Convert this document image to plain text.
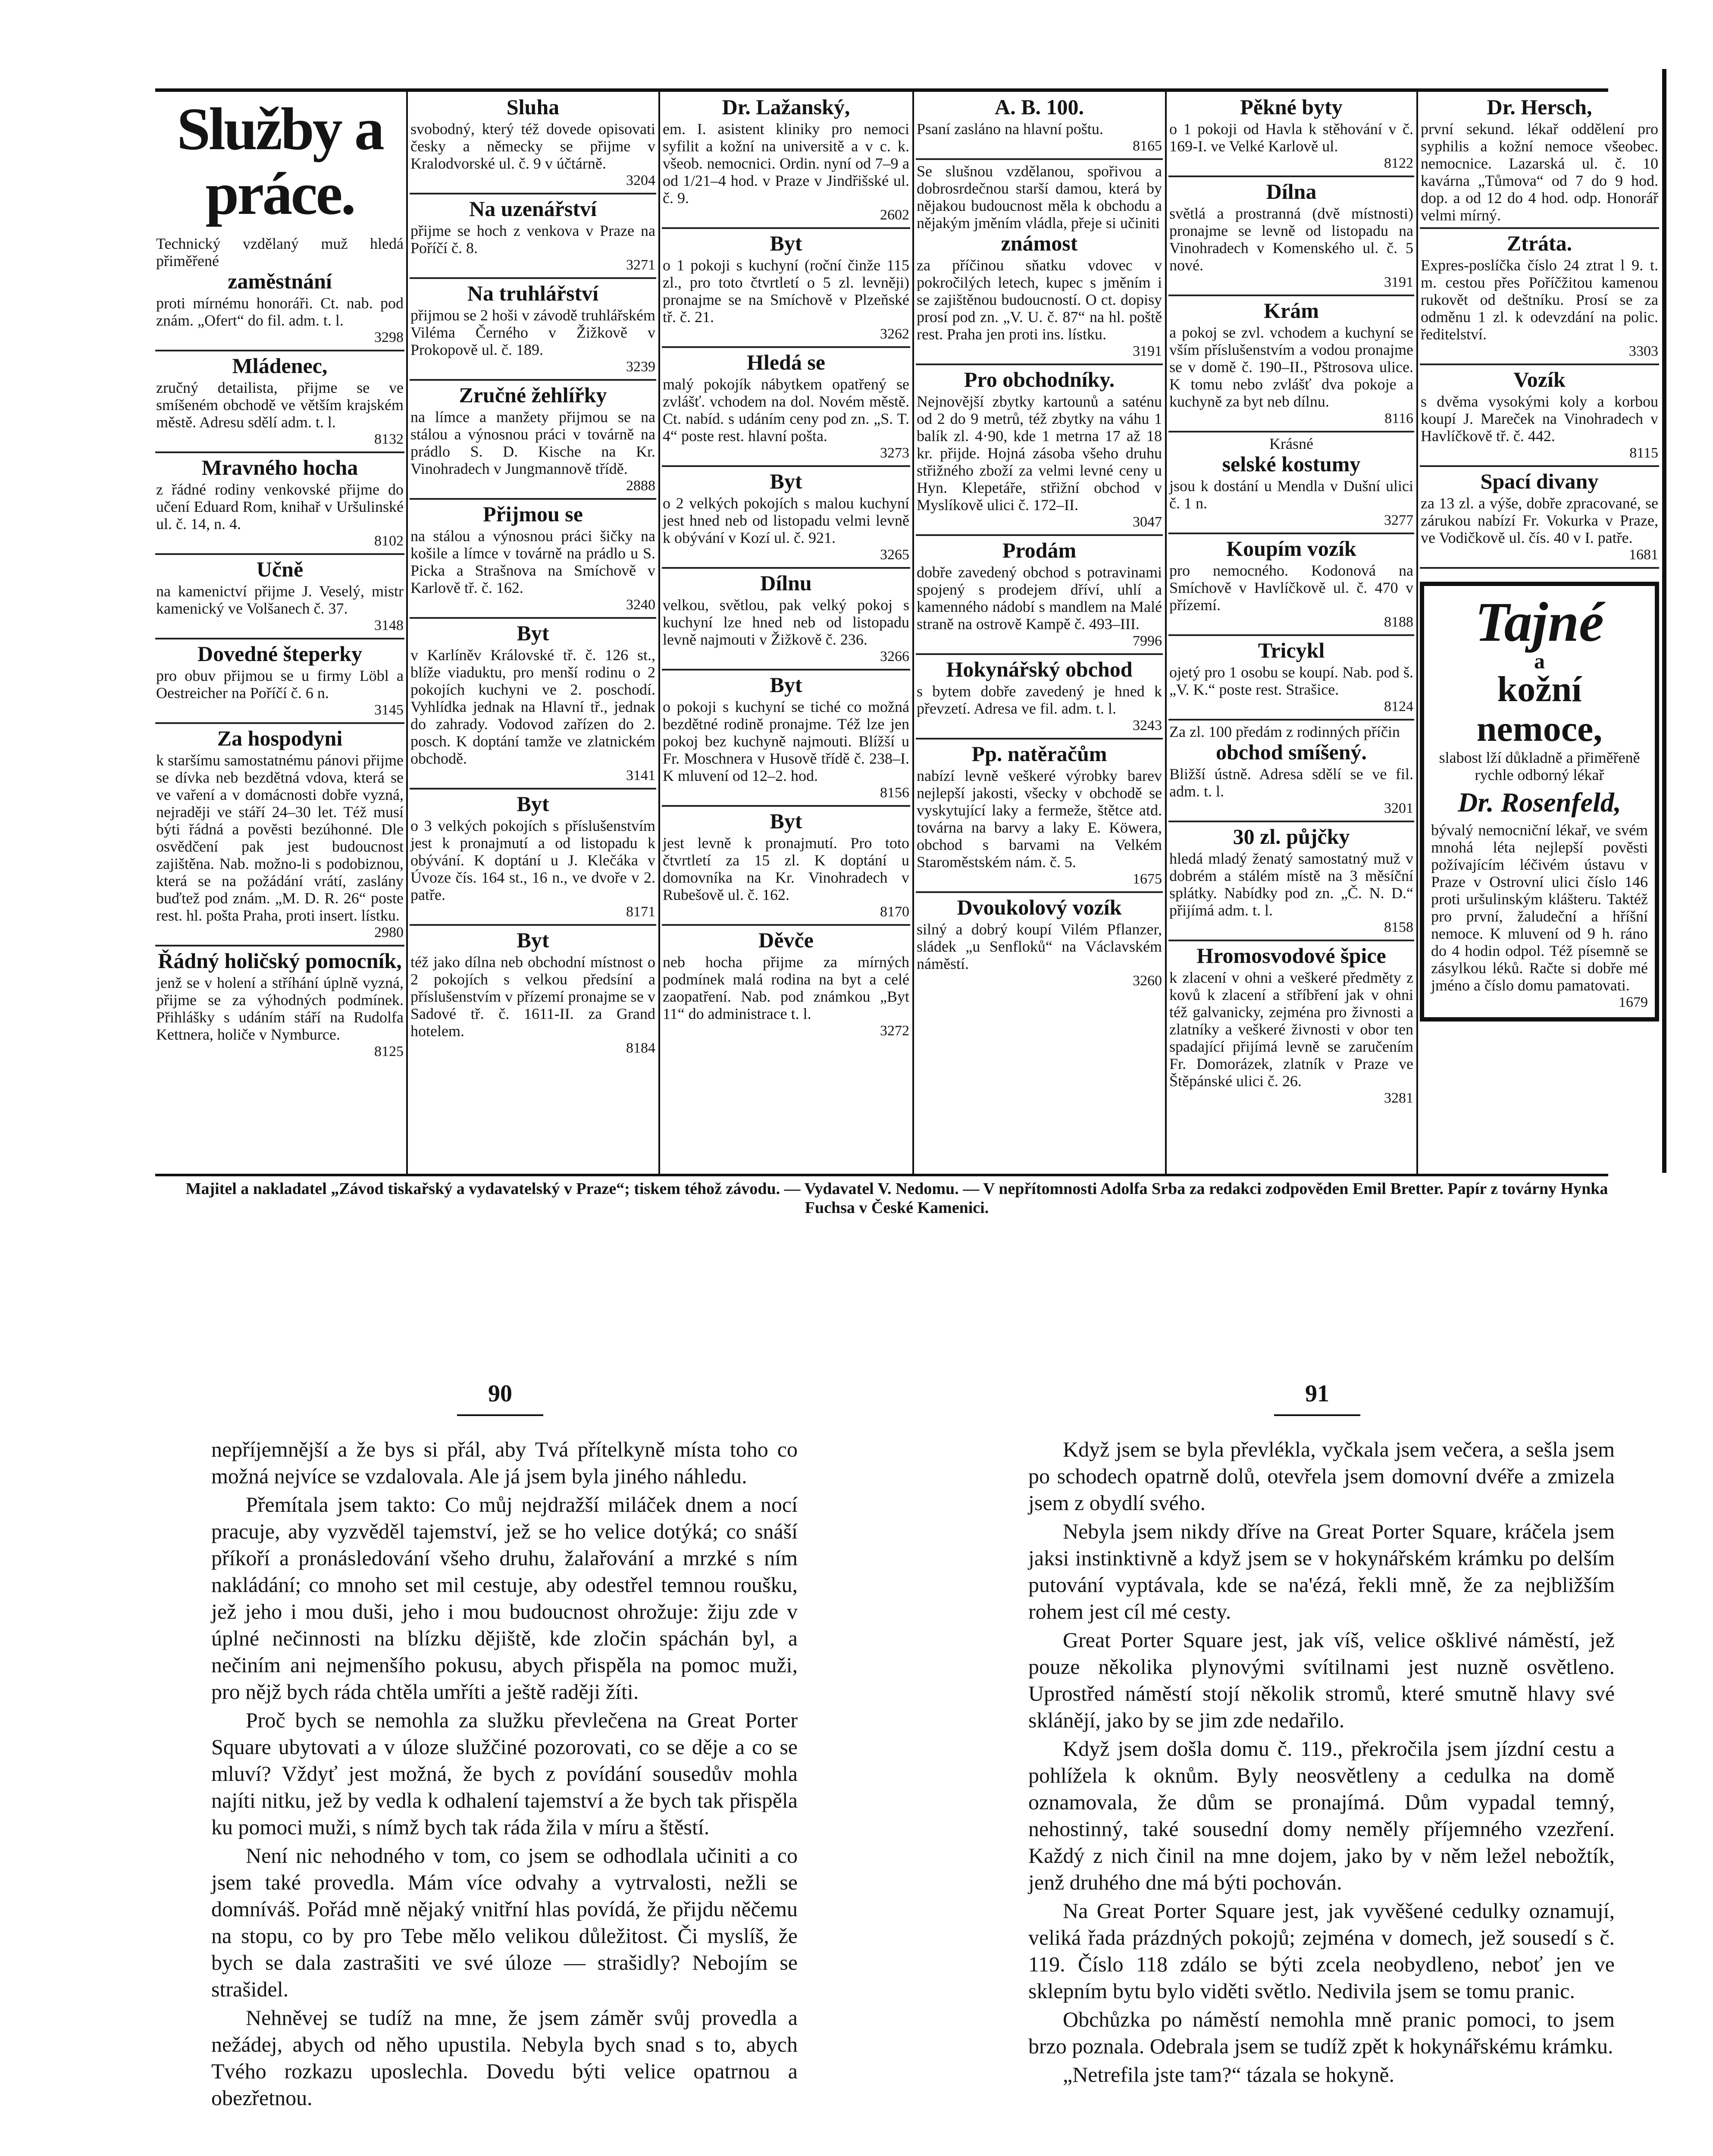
Služby a práce.
Technický vzdělaný muž hledá přiměřené
zaměstnání
proti mírnému honoráři. Ct. nab. pod znám. „Ofert“ do fil. adm. t. l.
3298
Mládenec,
zručný detailista, přijme se ve smíšeném obchodě ve větším krajském městě. Adresu sdělí adm. t. l.
8132
Mravného hocha
z řádné rodiny venkovské přijme do učení Eduard Rom, knihař v Uršulinské ul. č. 14, n. 4.
8102
Učně
na kamenictví přijme J. Veselý, mistr kamenický ve Volšanech č. 37.
3148
Dovedné šteperky
pro obuv přijmou se u firmy Löbl a Oestreicher na Poříčí č. 6 n.
3145
Za hospodyni
k staršímu samostatnému pánovi přijme se dívka neb bezdětná vdova, která se ve vaření a v domácnosti dobře vyzná, nejraději ve stáří 24–30 let. Též musí býti řádná a pověsti bezúhonné. Dle osvědčení pak jest budoucnost zajištěna. Nab. možno-li s podobiznou, která se na požádání vrátí, zaslány buďtež pod znám. „M. D. R. 26“ poste rest. hl. pošta Praha, proti insert. lístku.
2980
Řádný holičský pomocník,
jenž se v holení a stříhání úplně vyzná, přijme se za výhodných podmínek. Přihlášky s udáním stáří na Rudolfa Kettnera, holiče v Nymburce.
8125
Sluha
svobodný, který též dovede opisovati česky a německy se přijme v Kralodvorské ul. č. 9 v účtárně.
3204
Na uzenářství
přijme se hoch z venkova v Praze na Poříčí č. 8.
3271
Na truhlářství
přijmou se 2 hoši v závodě truhlářském Viléma Černého v Žižkově v Prokopově ul. č. 189.
3239
Zručné žehlířky
na límce a manžety přijmou se na stálou a výnosnou práci v továrně na prádlo S. D. Kische na Kr. Vinohradech v Jungmannově třídě.
2888
Přijmou se
na stálou a výnosnou práci šičky na košile a límce v továrně na prádlo u S. Picka a Strašnova na Smíchově v Karlově tř. č. 162.
3240
Byt
v Karlíněv Královské tř. č. 126 st., blíže viaduktu, pro menší rodinu o 2 pokojích kuchyni ve 2. poschodí. Vyhlídka jednak na Hlavní tř., jednak do zahrady. Vodovod zařízen do 2. posch. K doptání tamže ve zlatnickém obchodě.
3141
Byt
o 3 velkých pokojích s příslušenstvím jest k pronajmutí a od listopadu k obývání. K doptání u J. Klečáka v Úvoze čís. 164 st., 16 n., ve dvoře v 2. patře.
8171
Byt
též jako dílna neb obchodní místnost o 2 pokojích s velkou předsíní a příslušenstvím v přízemí pronajme se v Sadové tř. č. 1611-II. za Grand hotelem.
8184
Dr. Lažanský,
em. I. asistent kliniky pro nemoci syfilit a kožní na universitě a v c. k. všeob. nemocnici. Ordin. nyní od 7–9 a od 1/21–4 hod. v Praze v Jindřišské ul. č. 9.
2602
Byt
o 1 pokoji s kuchyní (roční činže 115 zl., pro toto čtvrtletí o 5 zl. levněji) pronajme se na Smíchově v Plzeňské tř. č. 21.
3262
Hledá se
malý pokojík nábytkem opatřený se zvlášť. vchodem na dol. Novém městě. Ct. nabíd. s udáním ceny pod zn. „S. T. 4“ poste rest. hlavní pošta.
3273
Byt
o 2 velkých pokojích s malou kuchyní jest hned neb od listopadu velmi levně k obývání v Kozí ul. č. 921.
3265
Dílnu
velkou, světlou, pak velký pokoj s kuchyní lze hned neb od listopadu levně najmouti v Žižkově č. 236.
3266
Byt
o pokoji s kuchyní se tiché co možná bezdětné rodině pronajme. Též lze jen pokoj bez kuchyně najmouti. Blížší u Fr. Moschnera v Husově třídě č. 238–I. K mluvení od 12–2. hod.
8156
Byt
jest levně k pronajmutí. Pro toto čtvrtletí za 15 zl. K doptání u domovníka na Kr. Vinohradech v Rubešově ul. č. 162.
8170
Děvče
neb hocha přijme za mírných podmínek malá rodina na byt a celé zaopatření. Nab. pod známkou „Byt 11“ do administrace t. l.
3272
A. B. 100.
Psaní zasláno na hlavní poštu.
8165
Se slušnou vzdělanou, spořivou a dobrosrdečnou starší damou, která by nějakou budoucnost měla k obchodu a nějakým jměním vládla, přeje si učiniti
známost
za příčinou sňatku vdovec v pokročilých letech, kupec s jměním i se zajištěnou budoucností. O ct. dopisy prosí pod zn. „V. U. č. 87“ na hl. poště rest. Praha jen proti ins. lístku.
3191
Pro obchodníky.
Nejnovější zbytky kartounů a saténu od 2 do 9 metrů, též zbytky na váhu 1 balík zl. 4·90, kde 1 metrna 17 až 18 kr. přijde. Hojná zásoba všeho druhu střižného zboží za velmi levné ceny u Hyn. Klepetáře, střižní obchod v Myslíkově ulici č. 172–II.
3047
Prodám
dobře zavedený obchod s potravinami spojený s prodejem dříví, uhlí a kamenného nádobí s mandlem na Malé straně na ostrově Kampě č. 493–III.
7996
Hokynářský obchod
s bytem dobře zavedený je hned k převzetí. Adresa ve fil. adm. t. l.
3243
Pp. natěračům
nabízí levně veškeré výrobky barev nejlepší jakosti, všecky v obchodě se vyskytující laky a fermeže, štětce atd. továrna na barvy a laky E. Köwera, obchod s barvami na Velkém Staroměstském nám. č. 5.
1675
Dvoukolový vozík
silný a dobrý koupí Vilém Pflanzer, sládek „u Senfloků“ na Václavském náměstí.
3260
Pěkné byty
o 1 pokoji od Havla k stěhování v č. 169-I. ve Velké Karlově ul.
8122
Dílna
světlá a prostranná (dvě místnosti) pronajme se levně od listopadu na Vinohradech v Komenského ul. č. 5 nové.
3191
Krám
a pokoj se zvl. vchodem a kuchyní se vším příslušenstvím a vodou pronajme se v domě č. 190–II., Pštrosova ulice. K tomu nebo zvlášť dva pokoje a kuchyně za byt neb dílnu.
8116
Krásné
selské kostumy
jsou k dostání u Mendla v Dušní ulici č. 1 n.
3277
Koupím vozík
pro nemocného. Kodonová na Smíchově v Havlíčkově ul. č. 470 v přízemí.
8188
Tricykl
ojetý pro 1 osobu se koupí. Nab. pod š. „V. K.“ poste rest. Strašice.
8124
Za zl. 100 předám z rodinných příčin
obchod smíšený.
Bližší ústně. Adresa sdělí se ve fil. adm. t. l.
3201
30 zl. půjčky
hledá mladý ženatý samostatný muž v dobrém a stálém místě na 3 měsíční splátky. Nabídky pod zn. „Č. N. D.“ přijímá adm. t. l.
8158
Hromosvodové špice
k zlacení v ohni a veškeré předměty z kovů k zlacení a stříbření jak v ohni též galvanicky, zejména pro živnosti a zlatníky a veškeré živnosti v obor ten spadající přijímá levně se zaručením Fr. Domorázek, zlatník v Praze ve Štěpánské ulici č. 26.
3281
Dr. Hersch,
první sekund. lékař oddělení pro syphilis a kožní nemoce všeobec. nemocnice. Lazarská ul. č. 10 kavárna „Tůmova“ od 7 do 9 hod. dop. a od 12 do 4 hod. odp. Honorář velmi mírný.
Ztráta.
Expres-poslíčka číslo 24 ztrat l 9. t. m. cestou přes Poříčžitou kamenou rukovět od deštníku. Prosí se za odměnu 1 zl. k odevzdání na polic. ředitelství.
3303
Vozík
s dvěma vysokými koly a korbou koupí J. Mareček na Vinohradech v Havlíčkově tř. č. 442.
8115
Spací divany
za 13 zl. a výše, dobře zpracované, se zárukou nabízí Fr. Vokurka v Praze, ve Vodičkově ul. čís. 40 v I. patře.
1681
Tajné
a
kožní nemoce,
slabost lží důkladně a přiměřeně rychle odborný lékař
Dr. Rosenfeld,
bývalý nemocniční lékař, ve svém mnohá léta nejlepší pověsti požívajícím léčivém ústavu v Praze v Ostrovní ulici číslo 146 proti uršulinským klášteru. Taktéž pro první, žaludeční a hříšní nemoce. K mluvení od 9 h. ráno do 4 hodin odpol. Též písemně se zásylkou léků. Račte si dobře mé jméno a číslo domu pamatovati.
1679
Majitel a nakladatel „Závod tiskařský a vydavatelský v Praze“; tiskem téhož závodu. — Vydavatel V. Nedomu. — V nepřítomnosti Adolfa Srba za redakci zodpověden Emil Bretter. Papír z továrny Hynka Fuchsa v České Kamenici.
90	91

nepříjemnější a že bys si přál, aby Tvá přítelkyně místa toho co možná nejvíce se vzdalovala. Ale já jsem byla jiného náhledu.

Přemítala jsem takto: Co můj nejdražší miláček dnem a nocí pracuje, aby vyzvěděl tajemství, jež se ho velice dotýká; co snáší příkoří a pronásledování všeho druhu, žalařování a mrzké s ním nakládání; co mnoho set mil cestuje, aby odestřel temnou roušku, jež jeho i mou duši, jeho i mou budoucnost ohrožuje: žiju zde v úplné nečinnosti na blízku dějiště, kde zločin spáchán byl, a nečiním ani nejmenšího pokusu, abych přispěla na pomoc muži, pro nějž bych ráda chtěla umříti a ještě raději žíti.

Proč bych se nemohla za služku převlečena na Great Porter Square ubytovati a v úloze služčiné pozorovati, co se děje a co se mluví? Vždyť jest možná, že bych z povídání sousedův mohla najíti nitku, jež by vedla k odhalení tajemství a že bych tak přispěla ku pomoci muži, s nímž bych tak ráda žila v míru a štěstí.

Není nic nehodného v tom, co jsem se odhodlala učiniti a co jsem také provedla. Mám více odvahy a vytrvalosti, nežli se domníváš. Pořád mně nějaký vnitřní hlas povídá, že přijdu něčemu na stopu, co by pro Tebe mělo velikou důležitost. Či myslíš, že bych se dala zastrašiti ve své úloze — strašidly? Nebojím se strašidel.

Nehněvej se tudíž na mne, že jsem záměr svůj provedla a nežádej, abych od něho upustila. Nebyla bych snad s to, abych Tvého rozkazu uposlechla. Dovedu býti velice opatrnou a obezřetnou.

Když jsem se byla převlékla, vyčkala jsem večera, a sešla jsem po schodech opatrně dolů, otevřela jsem domovní dvéře a zmizela jsem z obydlí svého.

Nebyla jsem nikdy dříve na Great Porter Square, kráčela jsem jaksi instinktivně a když jsem se v hokynářském krámku po delším putování vyptávala, kde se na'ézá, řekli mně, že za nejbližším rohem jest cíl mé cesty.

Great Porter Square jest, jak víš, velice ošklivé náměstí, jež pouze několika plynovými svítilnami jest nuzně osvětleno. Uprostřed náměstí stojí několik stromů, které smutně hlavy své sklánějí, jako by se jim zde nedařilo.

Když jsem došla domu č. 119., překročila jsem jízdní cestu a pohlížela k oknům. Byly neosvětleny a cedulka na domě oznamovala, že dům se pronajímá. Dům vypadal temný, nehostinný, také sousední domy neměly příjemného vzezření. Každý z nich činil na mne dojem, jako by v něm ležel nebožtík, jenž druhého dne má býti pochován.

Na Great Porter Square jest, jak vyvěšené cedulky oznamují, veliká řada prázdných pokojů; zejména v domech, jež sousedí s č. 119. Číslo 118 zdálo se býti zcela neobydleno, neboť jen ve sklepním bytu bylo viděti světlo. Nedivila jsem se tomu pranic.

Obchůzka po náměstí nemohla mně pranic pomoci, to jsem brzo poznala. Odebrala jsem se tudíž zpět k hokynářskému krámku.

„Netrefila jste tam?“ tázala se hokyně.
